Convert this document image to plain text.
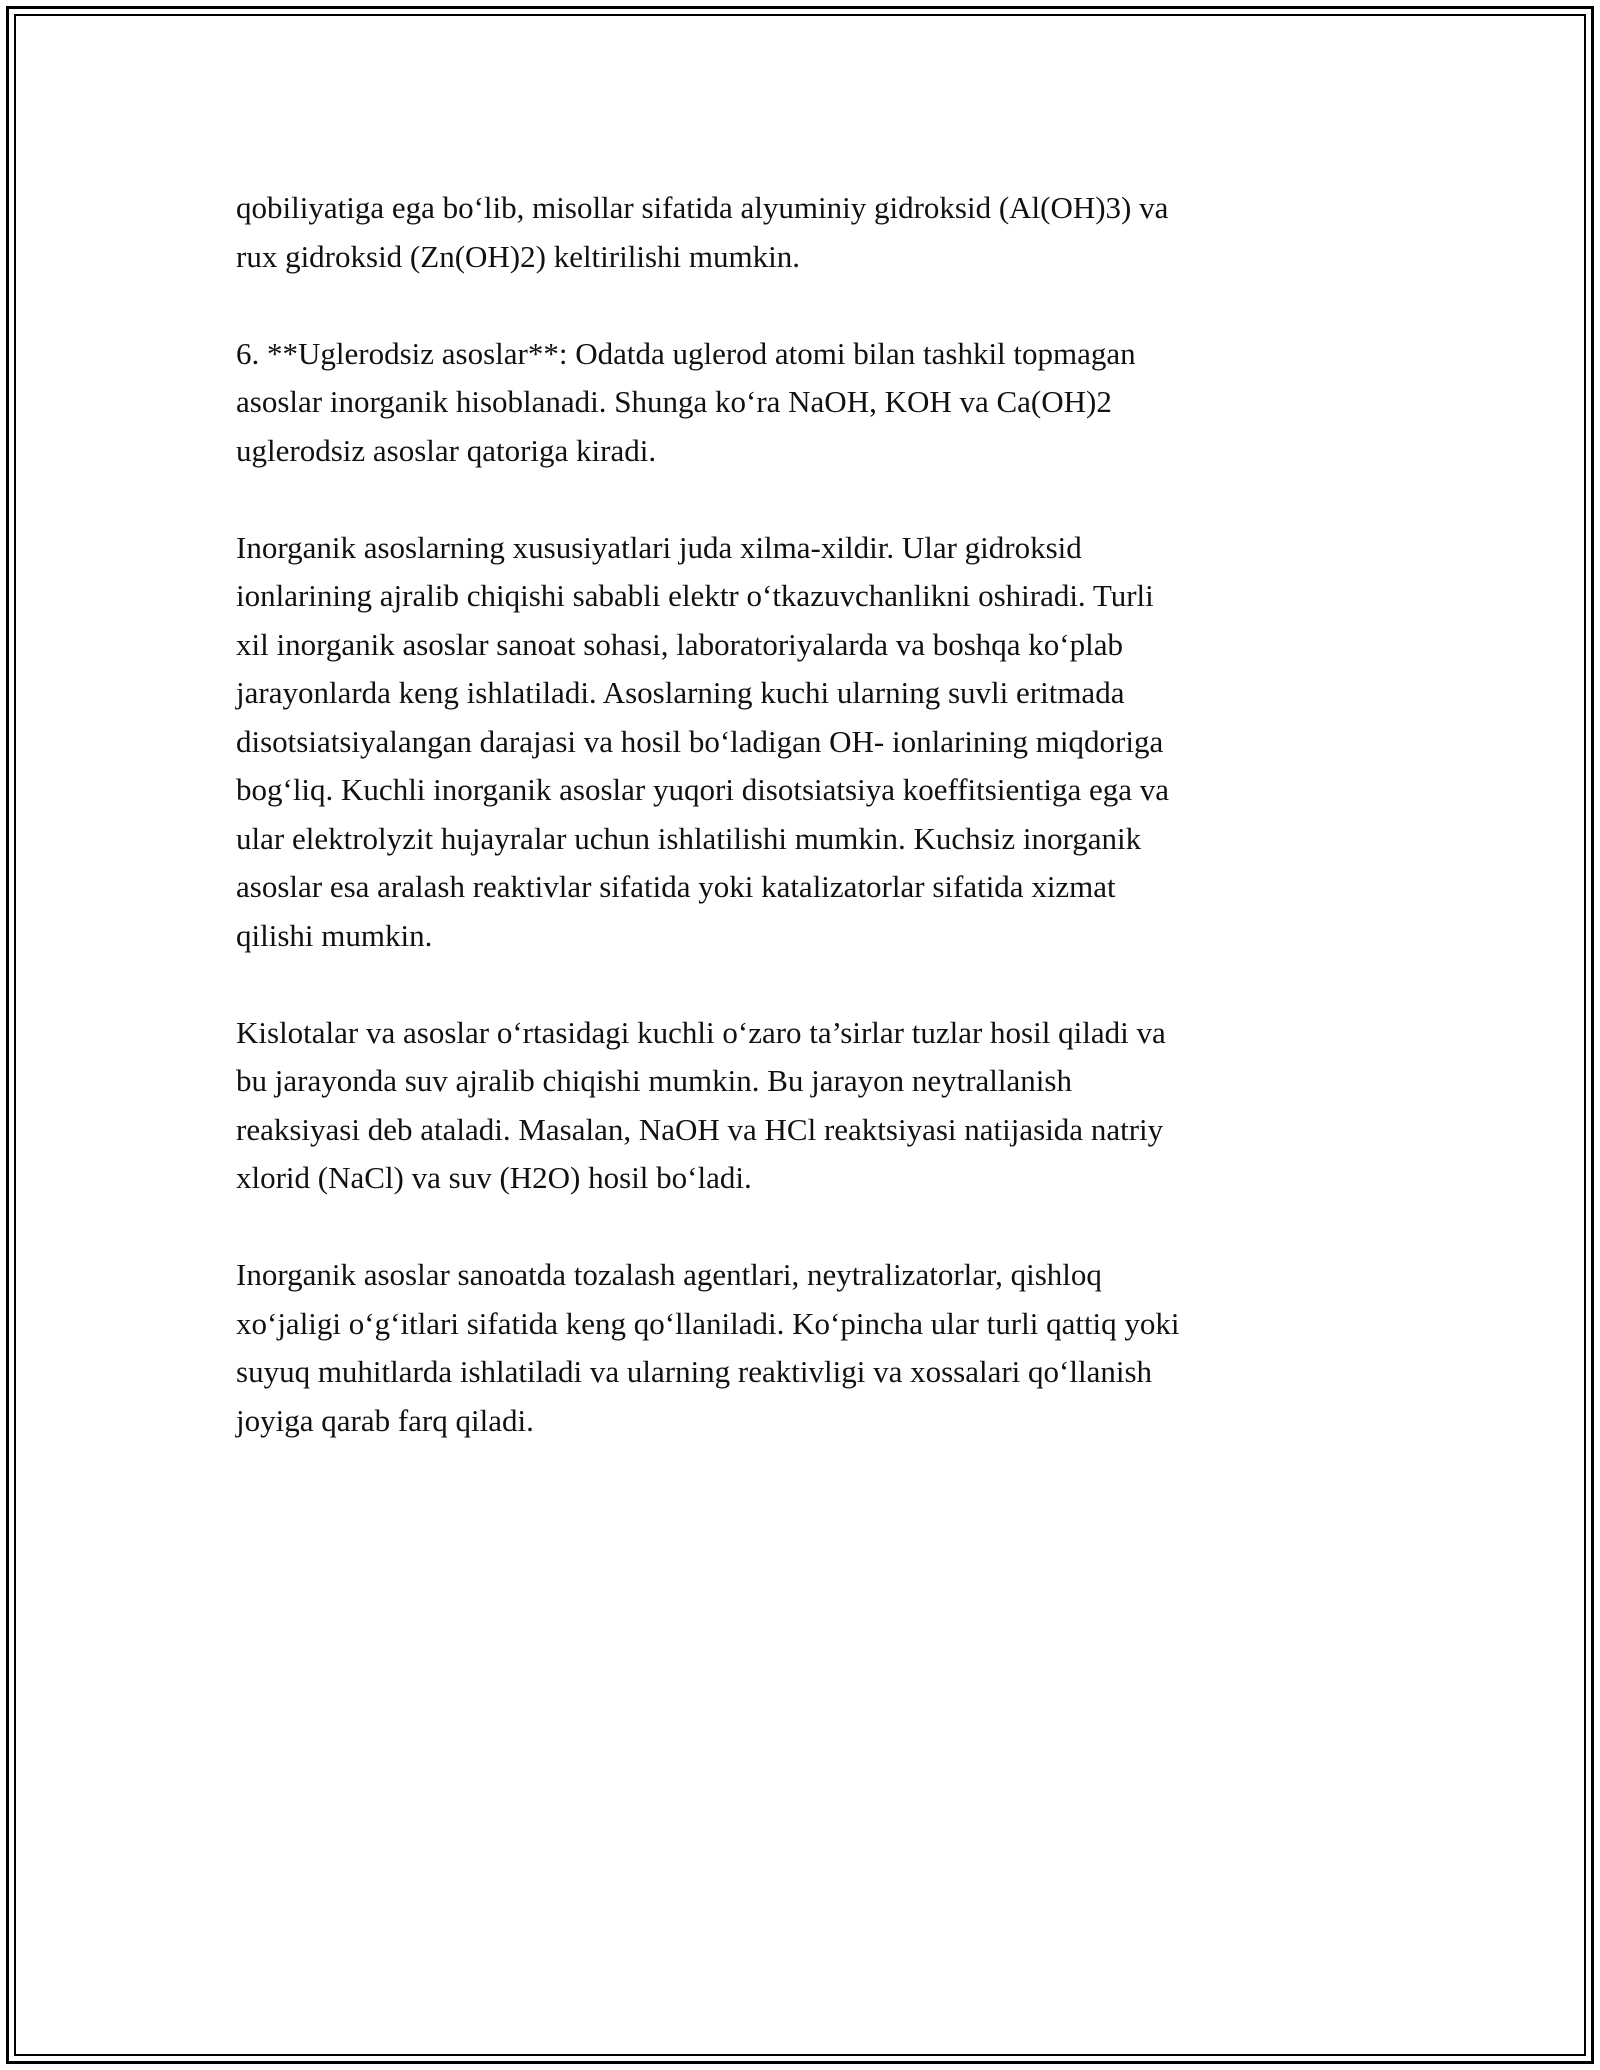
qobiliyatiga ega bo‘lib, misollar sifatida alyuminiy gidroksid (Al(OH)3) va
rux gidroksid (Zn(OH)2) keltirilishi mumkin.

6. **Uglerodsiz asoslar**: Odatda uglerod atomi bilan tashkil topmagan
asoslar inorganik hisoblanadi. Shunga ko‘ra NaOH, KOH va Ca(OH)2
uglerodsiz asoslar qatoriga kiradi.

Inorganik asoslarning xususiyatlari juda xilma-xildir. Ular gidroksid
ionlarining ajralib chiqishi sababli elektr o‘tkazuvchanlikni oshiradi. Turli
xil inorganik asoslar sanoat sohasi, laboratoriyalarda va boshqa ko‘plab
jarayonlarda keng ishlatiladi. Asoslarning kuchi ularning suvli eritmada
disotsiatsiyalangan darajasi va hosil bo‘ladigan OH- ionlarining miqdoriga
bog‘liq. Kuchli inorganik asoslar yuqori disotsiatsiya koeffitsientiga ega va
ular elektrolyzit hujayralar uchun ishlatilishi mumkin. Kuchsiz inorganik
asoslar esa aralash reaktivlar sifatida yoki katalizatorlar sifatida xizmat
qilishi mumkin.

Kislotalar va asoslar o‘rtasidagi kuchli o‘zaro ta’sirlar tuzlar hosil qiladi va
bu jarayonda suv ajralib chiqishi mumkin. Bu jarayon neytrallanish
reaksiyasi deb ataladi. Masalan, NaOH va HCl reaktsiyasi natijasida natriy
xlorid (NaCl) va suv (H2O) hosil bo‘ladi.

Inorganik asoslar sanoatda tozalash agentlari, neytralizatorlar, qishloq
xo‘jaligi o‘g‘itlari sifatida keng qo‘llaniladi. Ko‘pincha ular turli qattiq yoki
suyuq muhitlarda ishlatiladi va ularning reaktivligi va xossalari qo‘llanish
joyiga qarab farq qiladi.
